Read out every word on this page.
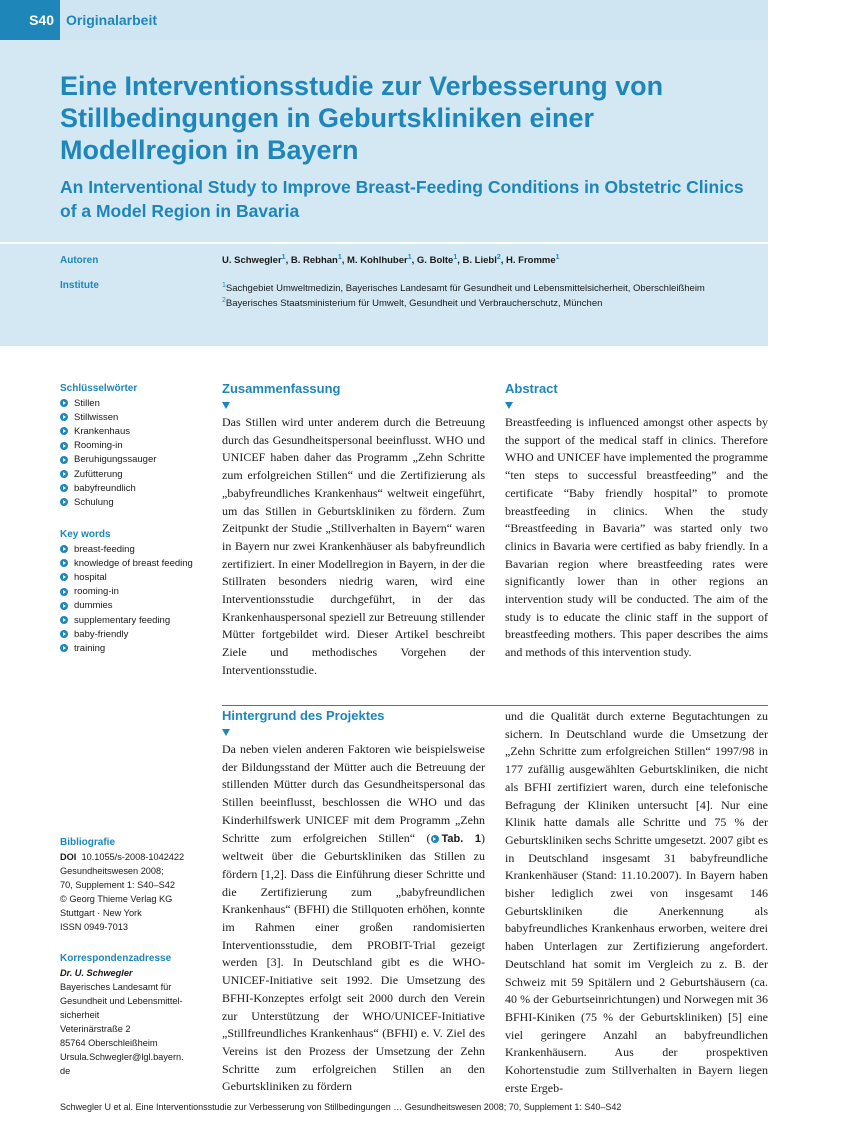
S40 Originalarbeit
Eine Interventionsstudie zur Verbesserung von Stillbedingungen in Geburtskliniken einer Modellregion in Bayern
An Interventional Study to Improve Breast-Feeding Conditions in Obstetric Clinics of a Model Region in Bavaria
Autoren
Institute
U. Schwegler$^1$, B. Rebhan$^1$, M. Kohlhuber$^1$, G. Bolte$^1$, B. Liebl$^2$, H. Fromme$^1$
$^1$Sachgebiet Umweltmedizin, Bayerisches Landesamt für Gesundheit und Lebensmittelsicherheit, Oberschleißheim
$^2$Bayerisches Staatsministerium für Umwelt, Gesundheit und Verbraucherschutz, München
Schlüsselwörter
Stillen
Stillwissen
Krankenhaus
Rooming-in
Beruhigungssauger
Zufütterung
babyfreundlich
Schulung
Key words
breast-feeding
knowledge of breast feeding
hospital
rooming-in
dummies
supplementary feeding
baby-friendly
training
Zusammenfassung

Das Stillen wird unter anderem durch die Betreuung durch das Gesundheitspersonal beeinflusst. WHO und UNICEF haben daher das Programm „Zehn Schritte zum erfolgreichen Stillen“ und die Zertifizierung als „babyfreundliches Krankenhaus“ weltweit eingeführt, um das Stillen in Geburtskliniken zu fördern. Zum Zeitpunkt der Studie „Stillverhalten in Bayern“ waren in Bayern nur zwei Krankenhäuser als babyfreundlich zertifiziert. In einer Modellregion in Bayern, in der die Stillraten besonders niedrig waren, wird eine Interventionsstudie durchgeführt, in der das Krankenhauspersonal speziell zur Betreuung stillender Mütter fortgebildet wird. Dieser Artikel beschreibt Ziele und methodisches Vorgehen der Interventionsstudie.

Abstract

Breastfeeding is influenced amongst other aspects by the support of the medical staff in clinics. Therefore WHO and UNICEF have implemented the programme “ten steps to successful breastfeeding” and the certificate “Baby friendly hospital” to promote breastfeeding in clinics. When the study “Breastfeeding in Bavaria” was started only two clinics in Bavaria were certified as baby friendly. In a Bavarian region where breastfeeding rates were significantly lower than in other regions an intervention study will be conducted. The aim of the study is to educate the clinic staff in the support of breastfeeding mothers. This paper describes the aims and methods of this intervention study.

Hintergrund des Projektes

Da neben vielen anderen Faktoren wie beispielsweise der Bildungsstand der Mütter auch die Betreuung der stillenden Mütter durch das Gesundheitspersonal das Stillen beeinflusst, beschlossen die WHO und das Kinderhilfswerk UNICEF mit dem Programm „Zehn Schritte zum erfolgreichen Stillen“ ( Tab. 1) weltweit über die Geburtskliniken das Stillen zu fördern [1,2]. Dass die Einführung dieser Schritte und die Zertifizierung zum „babyfreundlichen Krankenhaus“ (BFHI) die Stillquoten erhöhen, konnte im Rahmen einer großen randomisierten Interventionsstudie, dem PROBIT-Trial gezeigt werden [3]. In Deutschland gibt es die WHO-UNICEF-Initiative seit 1992. Die Umsetzung des BFHI-Konzeptes erfolgt seit 2000 durch den Verein zur Unterstützung der WHO/UNICEF-Initiative „Stillfreundliches Krankenhaus“ (BFHI) e. V. Ziel des Vereins ist den Prozess der Umsetzung der Zehn Schritte zum erfolgreichen Stillen an den Geburtskliniken zu fördern

und die Qualität durch externe Begutachtungen zu sichern. In Deutschland wurde die Umsetzung der „Zehn Schritte zum erfolgreichen Stillen“ 1997/98 in 177 zufällig ausgewählten Geburtskliniken, die nicht als BFHI zertifiziert waren, durch eine telefonische Befragung der Kliniken untersucht [4]. Nur eine Klinik hatte damals alle Schritte und 75 % der Geburtskliniken sechs Schritte umgesetzt. 2007 gibt es in Deutschland insgesamt 31 babyfreundliche Krankenhäuser (Stand: 11.10.2007). In Bayern haben bisher lediglich zwei von insgesamt 146 Geburtskliniken die Anerkennung als babyfreundliches Krankenhaus erworben, weitere drei haben Unterlagen zur Zertifizierung angefordert. Deutschland hat somit im Vergleich zu z. B. der Schweiz mit 59 Spitälern und 2 Geburtshäusern (ca. 40 % der Geburtseinrichtungen) und Norwegen mit 36 BFHI-Kiniken (75 % der Geburtskliniken) [5] eine viel geringere Anzahl an babyfreundlichen Krankenhäusern. Aus der prospektiven Kohortenstudie zum Stillverhalten in Bayern liegen erste Ergeb-

Bibliografie
DOI 10.1055/s-2008-1042422
Gesundheitswesen 2008;
70, Supplement 1: S40–S42
© Georg Thieme Verlag KG
Stuttgart · New York
ISSN 0949-7013
Korrespondenzadresse
Dr. U. Schwegler
Bayerisches Landesamt für
Gesundheit und Lebensmittel-
sicherheit
Veterinärstraße 2
85764 Oberschleißheim
Ursula.Schwegler@lgl.bayern.
de
Schwegler U et al. Eine Interventionsstudie zur Verbesserung von Stillbedingungen … Gesundheitswesen 2008; 70, Supplement 1: S40–S42
